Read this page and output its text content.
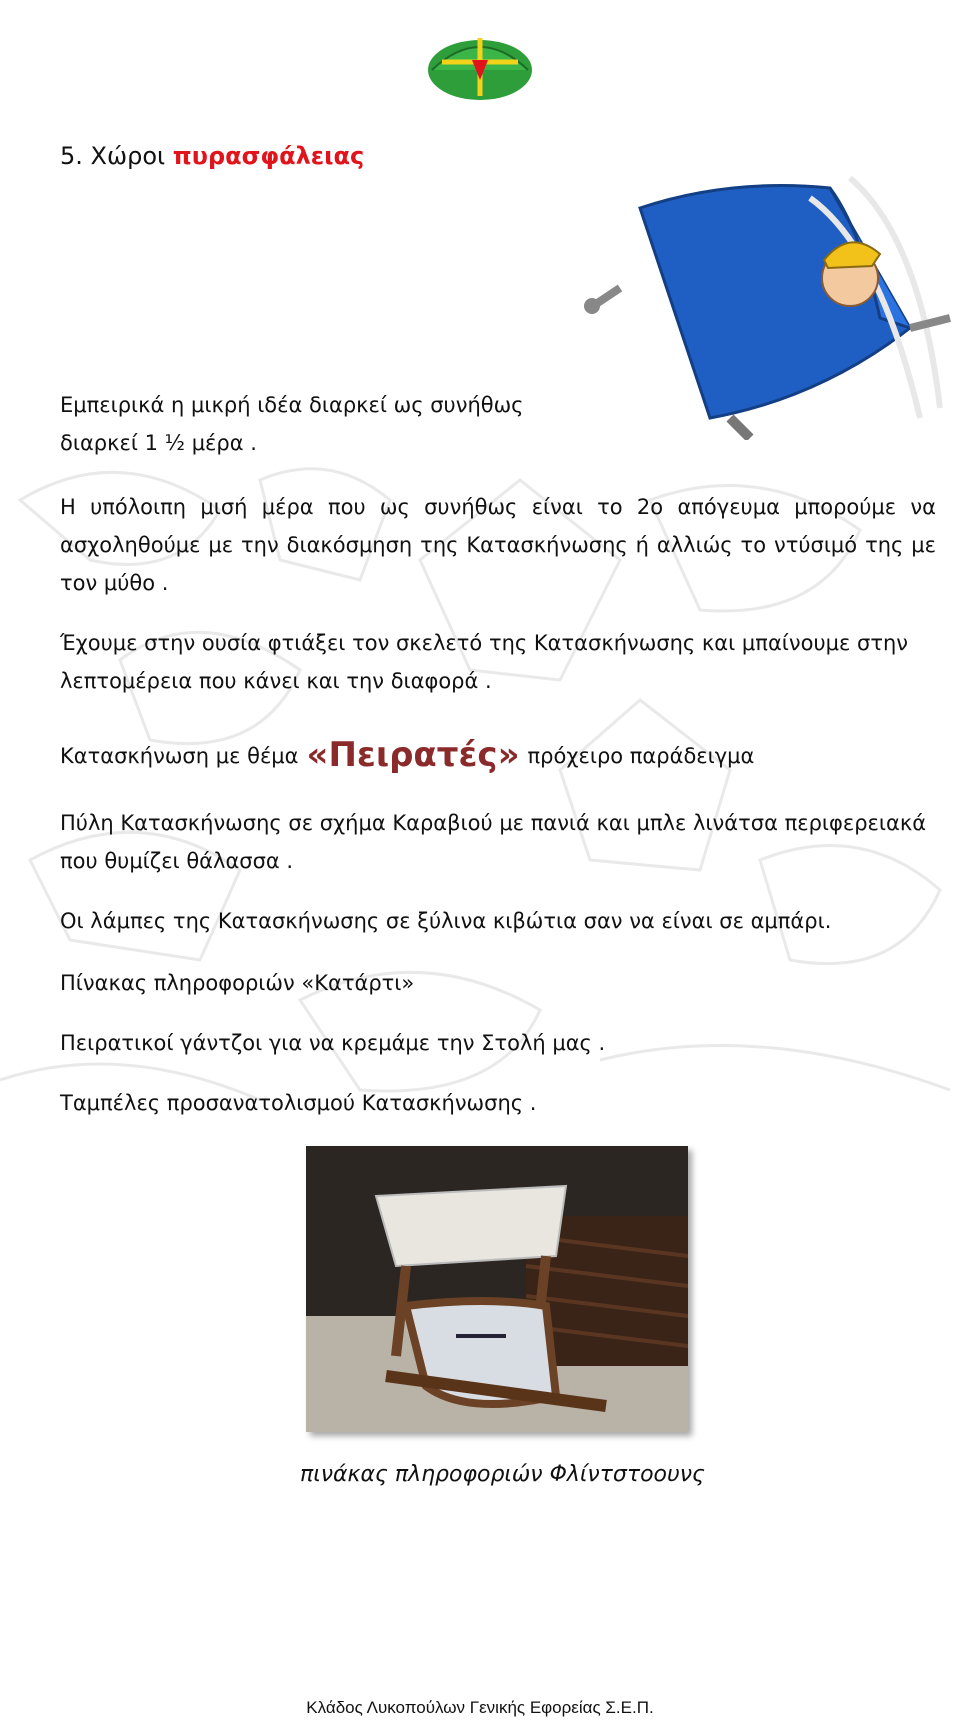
5. Χώροι πυρασφάλειας
Εμπειρικά η μικρή ιδέα διαρκεί ως συνήθως
διαρκεί 1 ½ μέρα .
Η υπόλοιπη μισή μέρα που ως συνήθως είναι το 2ο απόγευμα μπορούμε να ασχοληθούμε με την διακόσμηση της Κατασκήνωσης ή αλλιώς το ντύσιμό της με τον μύθο .
Έχουμε στην ουσία φτιάξει τον σκελετό της Κατασκήνωσης και μπαίνουμε στην λεπτομέρεια που κάνει και την διαφορά .
Κατασκήνωση με θέμα «Πειρατές» πρόχειρο παράδειγμα
Πύλη Κατασκήνωσης σε σχήμα Καραβιού με πανιά και μπλε λινάτσα περιφερειακά που θυμίζει θάλασσα .
Οι λάμπες της Κατασκήνωσης σε ξύλινα κιβώτια σαν να είναι σε αμπάρι.
Πίνακας πληροφοριών «Κατάρτι»
Πειρατικοί γάντζοι για να κρεμάμε την Στολή μας .
Ταμπέλες προσανατολισμού Κατασκήνωσης .
πινάκας πληροφοριών Φλίντστοουνς
Κλάδος Λυκοπούλων Γενικής Εφορείας Σ.Ε.Π.
